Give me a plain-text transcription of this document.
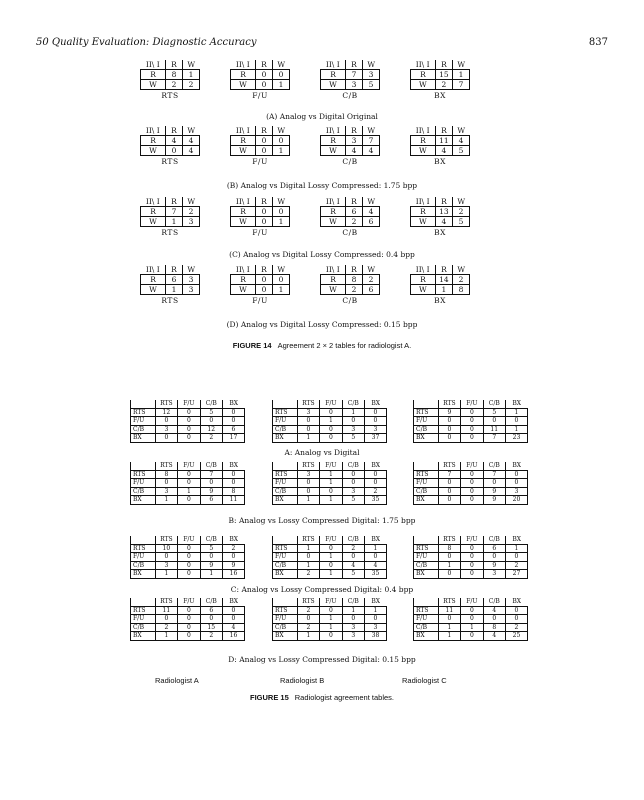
50 Quality Evaluation: Diagnostic Accuracy	837
II\ I	R	W
R	8	1
W	2	2
RTS
II\ I	R	W
R	0	0
W	0	1
F/U
II\ I	R	W
R	7	3
W	3	5
C/B
II\ I	R	W
R	15	1
W	2	7
BX
(A) Analog vs Digital Original
II\ I	R	W
R	4	4
W	0	4
RTS
II\ I	R	W
R	0	0
W	0	1
F/U
II\ I	R	W
R	3	7
W	4	4
C/B
II\ I	R	W
R	11	4
W	4	5
BX
(B) Analog vs Digital Lossy Compressed: 1.75 bpp
II\ I	R	W
R	7	2
W	1	3
RTS
II\ I	R	W
R	0	0
W	0	1
F/U
II\ I	R	W
R	6	4
W	2	6
C/B
II\ I	R	W
R	13	2
W	4	5
BX
(C) Analog vs Digital Lossy Compressed: 0.4 bpp
II\ I	R	W
R	6	3
W	1	3
RTS
II\ I	R	W
R	0	0
W	0	1
F/U
II\ I	R	W
R	8	2
W	2	6
C/B
II\ I	R	W
R	14	2
W	1	8
BX
(D) Analog vs Digital Lossy Compressed: 0.15 bpp
FIGURE 14 Agreement 2 × 2 tables for radiologist A.
	RTS	F/U	C/B	BX
RTS	12	0	5	0
F/U	0	0	0	0
C/B	3	0	12	6
BX	0	0	2	17
	RTS	F/U	C/B	BX
RTS	3	0	1	0
F/U	0	1	0	0
C/B	0	0	3	3
BX	1	0	5	37
	RTS	F/U	C/B	BX
RTS	9	0	5	1
F/U	0	0	0	0
C/B	0	0	11	1
BX	0	0	7	23
A: Analog vs Digital
	RTS	F/U	C/B	BX
RTS	8	0	7	0
F/U	0	0	0	0
C/B	3	1	9	8
BX	1	0	6	11
	RTS	F/U	C/B	BX
RTS	3	1	0	0
F/U	0	1	0	0
C/B	0	0	3	2
BX	1	1	5	35
	RTS	F/U	C/B	BX
RTS	7	0	7	0
F/U	0	0	0	0
C/B	0	0	9	3
BX	0	0	9	20
B: Analog vs Lossy Compressed Digital: 1.75 bpp
	RTS	F/U	C/B	BX
RTS	10	0	5	2
F/U	0	0	0	0
C/B	3	0	9	9
BX	1	0	1	16
	RTS	F/U	C/B	BX
RTS	1	0	2	1
F/U	0	1	0	0
C/B	1	0	4	4
BX	2	1	5	35
	RTS	F/U	C/B	BX
RTS	8	0	6	1
F/U	0	0	0	0
C/B	1	0	9	2
BX	0	0	3	27
C: Analog vs Lossy Compressed Digital: 0.4 bpp
	RTS	F/U	C/B	BX
RTS	11	0	6	0
F/U	0	0	0	0
C/B	2	0	15	4
BX	1	0	2	16
	RTS	F/U	C/B	BX
RTS	2	0	1	1
F/U	0	1	0	0
C/B	2	1	3	3
BX	1	0	3	38
	RTS	F/U	C/B	BX
RTS	11	0	4	0
F/U	0	0	0	0
C/B	1	1	8	2
BX	1	0	4	25
D: Analog vs Lossy Compressed Digital: 0.15 bpp
Radiologist A	Radiologist B	Radiologist C
FIGURE 15 Radiologist agreement tables.
